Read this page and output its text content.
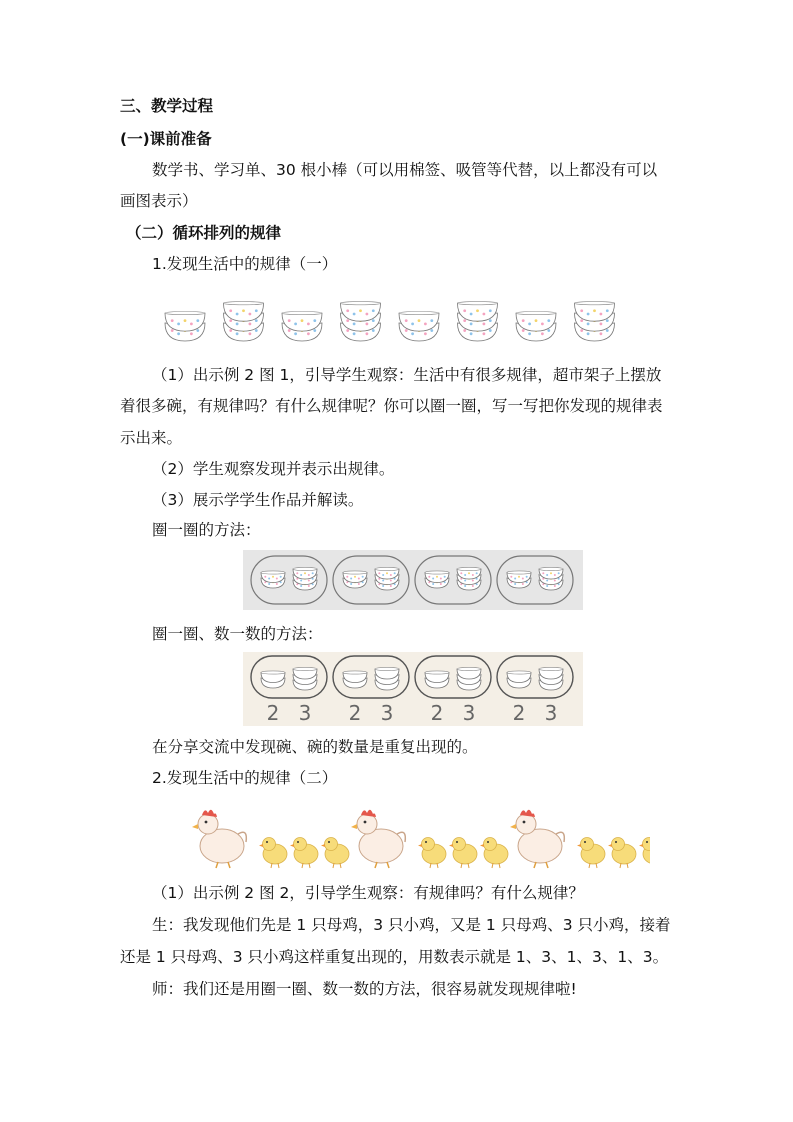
三、教学过程
(一)课前准备
数学书、学习单、30 根小棒（可以用棉签、吸管等代替，以上都没有可以
画图表示）
（二）循环排列的规律
1.发现生活中的规律（一）
（1）出示例 2 图 1，引导学生观察：生活中有很多规律，超市架子上摆放
着很多碗，有规律吗？有什么规律呢？你可以圈一圈，写一写把你发现的规律表
示出来。
（2）学生观察发现并表示出规律。
（3）展示学学生作品并解读。
圈一圈的方法：
圈一圈、数一数的方法：
2 3 2 3 2 3 2 3
在分享交流中发现碗、碗的数量是重复出现的。
2.发现生活中的规律（二）
（1）出示例 2 图 2，引导学生观察：有规律吗？有什么规律？
生：我发现他们先是 1 只母鸡，3 只小鸡，又是 1 只母鸡、3 只小鸡，接着
还是 1 只母鸡、3 只小鸡这样重复出现的，用数表示就是 1、3、1、3、1、3。
师：我们还是用圈一圈、数一数的方法，很容易就发现规律啦!
